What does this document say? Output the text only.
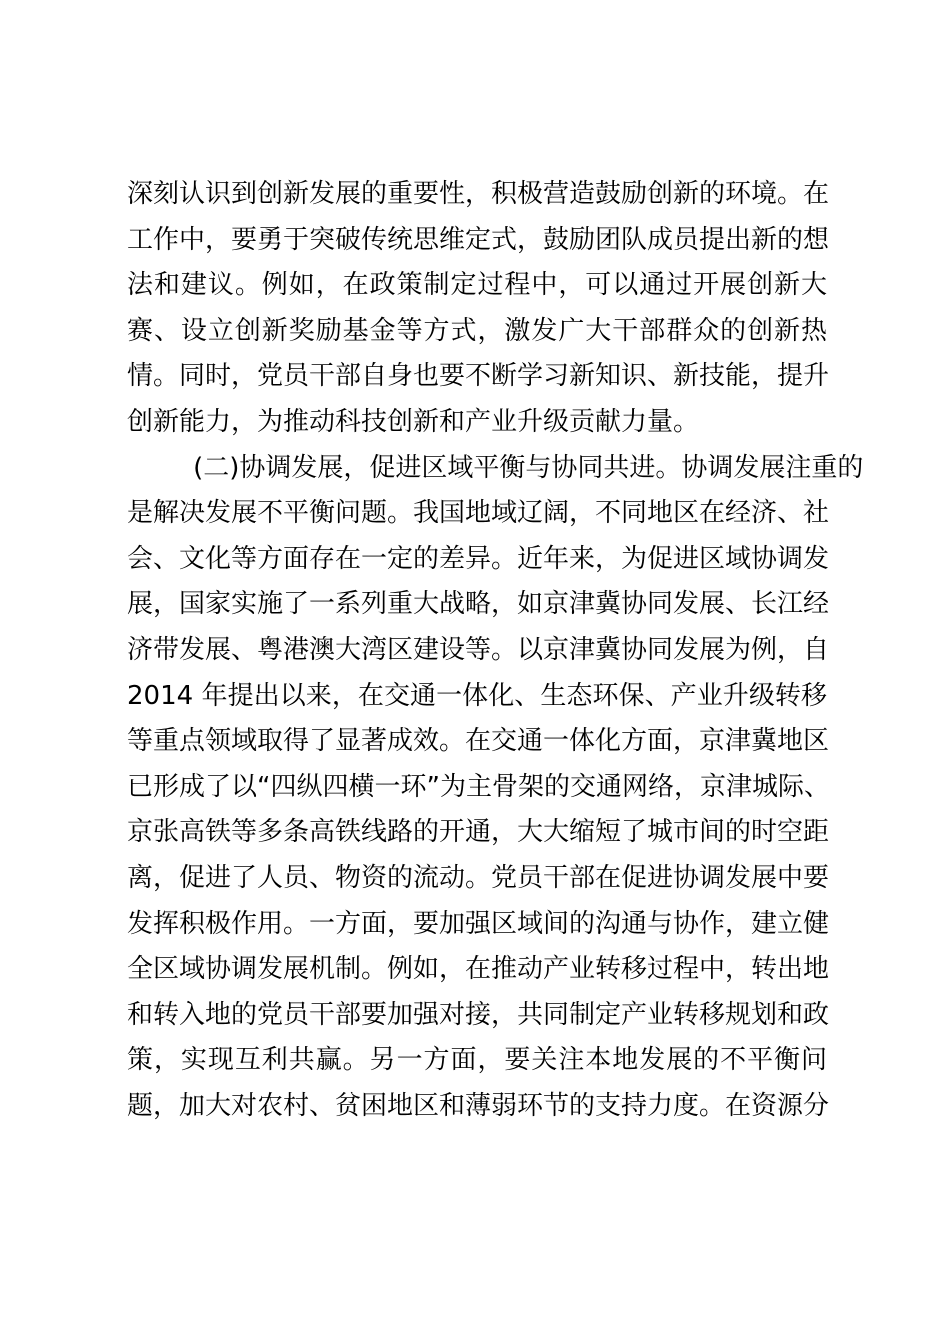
深刻认识到创新发展的重要性，积极营造鼓励创新的环境。在
工作中，要勇于突破传统思维定式，鼓励团队成员提出新的想
法和建议。例如，在政策制定过程中，可以通过开展创新大
赛、设立创新奖励基金等方式，激发广大干部群众的创新热
情。同时，党员干部自身也要不断学习新知识、新技能，提升
创新能力，为推动科技创新和产业升级贡献力量。
(二)协调发展，促进区域平衡与协同共进。协调发展注重的
是解决发展不平衡问题。我国地域辽阔，不同地区在经济、社
会、文化等方面存在一定的差异。近年来，为促进区域协调发
展，国家实施了一系列重大战略，如京津冀协同发展、长江经
济带发展、粤港澳大湾区建设等。以京津冀协同发展为例，自
2014 年提出以来，在交通一体化、生态环保、产业升级转移
等重点领域取得了显著成效。在交通一体化方面，京津冀地区
已形成了以“四纵四横一环”为主骨架的交通网络，京津城际、
京张高铁等多条高铁线路的开通，大大缩短了城市间的时空距
离，促进了人员、物资的流动。党员干部在促进协调发展中要
发挥积极作用。一方面，要加强区域间的沟通与协作，建立健
全区域协调发展机制。例如，在推动产业转移过程中，转出地
和转入地的党员干部要加强对接，共同制定产业转移规划和政
策，实现互利共赢。另一方面，要关注本地发展的不平衡问
题，加大对农村、贫困地区和薄弱环节的支持力度。在资源分
